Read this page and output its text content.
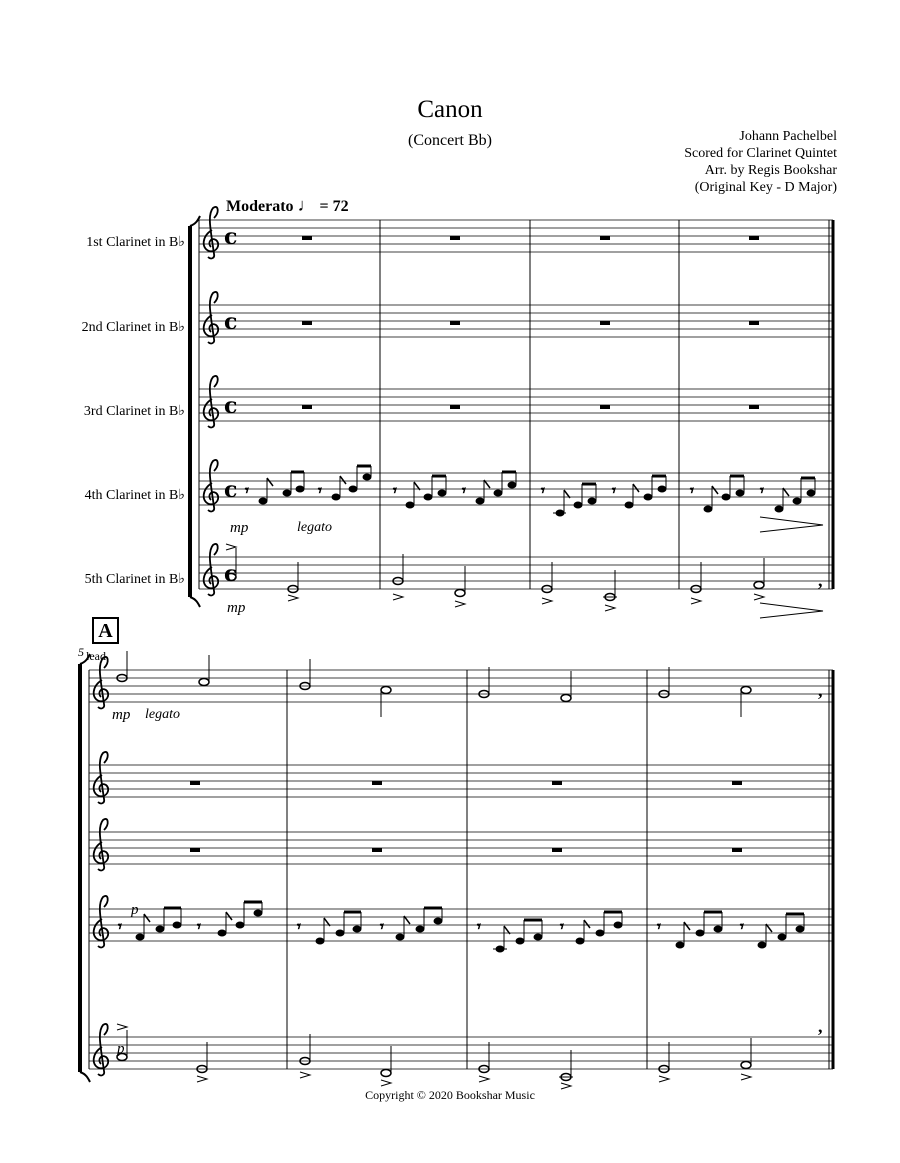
Canon
(Concert Bb)	Johann Pachelbel
Scored for Clarinet Quintet
Arr. by Regis Bookshar
(Original Key - D Major)
Moderato ♩ = 72
1st Clarinet in B♭
2nd Clarinet in B♭
3rd Clarinet in B♭
4th Clarinet in B♭
5th Clarinet in B♭
A
5 lead
mp	legato
mp
mp legato
p
p
,
,
,
c
c
c
c
c
𝄾	𝄾	𝄾	𝄾	𝄾	𝄾	𝄾	𝄾
𝄾	𝄾	𝄾	𝄾	𝄾	𝄾	𝄾	𝄾
Copyright © 2020 Bookshar Music
